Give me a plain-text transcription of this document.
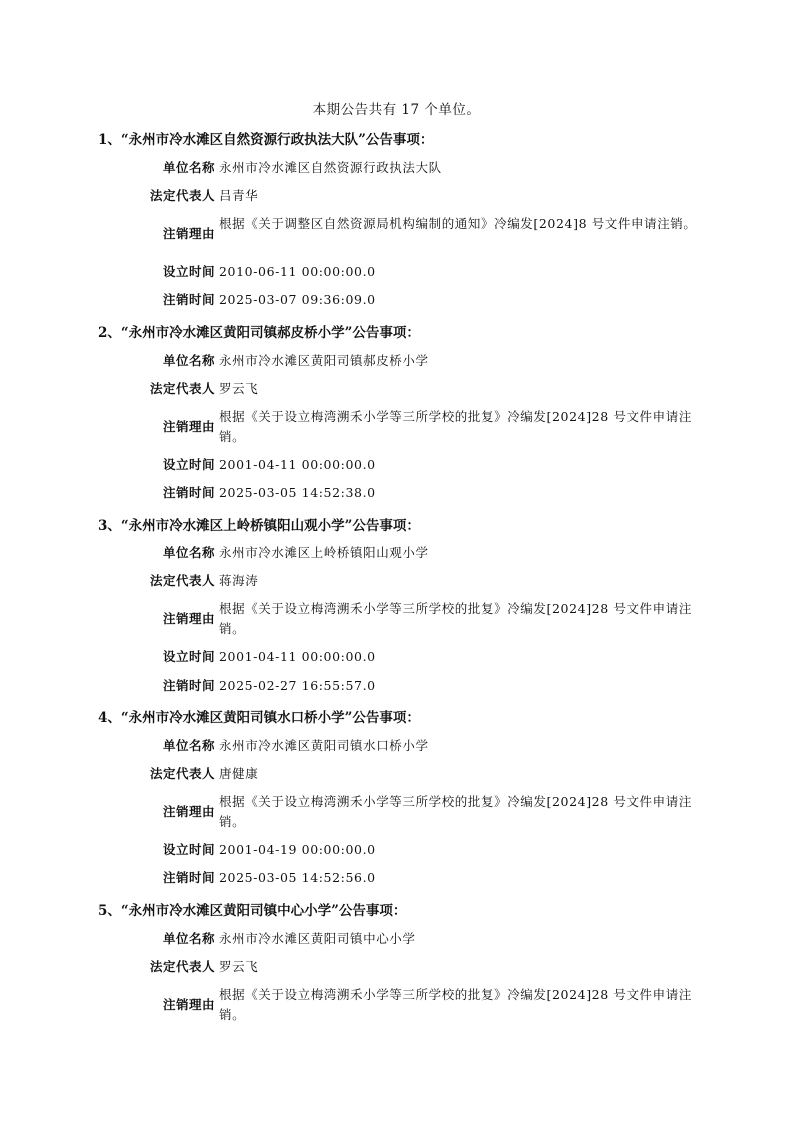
本期公告共有 17 个单位。
1、“永州市冷水滩区自然资源行政执法大队”公告事项：
单位名称 永州市冷水滩区自然资源行政执法大队
法定代表人 吕青华
注销理由
根据《关于调整区自然资源局机构编制的通知》冷编发[2024]8 号文件申请注销。
设立时间 2010-06-11 00:00:00.0
注销时间 2025-03-07 09:36:09.0
2、“永州市冷水滩区黄阳司镇郝皮桥小学”公告事项：
单位名称 永州市冷水滩区黄阳司镇郝皮桥小学
法定代表人 罗云飞
注销理由
根据《关于设立梅湾溯禾小学等三所学校的批复》冷编发[2024]28 号文件申请注销。
设立时间 2001-04-11 00:00:00.0
注销时间 2025-03-05 14:52:38.0
3、“永州市冷水滩区上岭桥镇阳山观小学”公告事项：
单位名称 永州市冷水滩区上岭桥镇阳山观小学
法定代表人 蒋海涛
注销理由
根据《关于设立梅湾溯禾小学等三所学校的批复》冷编发[2024]28 号文件申请注销。
设立时间 2001-04-11 00:00:00.0
注销时间 2025-02-27 16:55:57.0
4、“永州市冷水滩区黄阳司镇水口桥小学”公告事项：
单位名称 永州市冷水滩区黄阳司镇水口桥小学
法定代表人 唐健康
注销理由
根据《关于设立梅湾溯禾小学等三所学校的批复》冷编发[2024]28 号文件申请注销。
设立时间 2001-04-19 00:00:00.0
注销时间 2025-03-05 14:52:56.0
5、“永州市冷水滩区黄阳司镇中心小学”公告事项：
单位名称 永州市冷水滩区黄阳司镇中心小学
法定代表人 罗云飞
注销理由
根据《关于设立梅湾溯禾小学等三所学校的批复》冷编发[2024]28 号文件申请注销。
